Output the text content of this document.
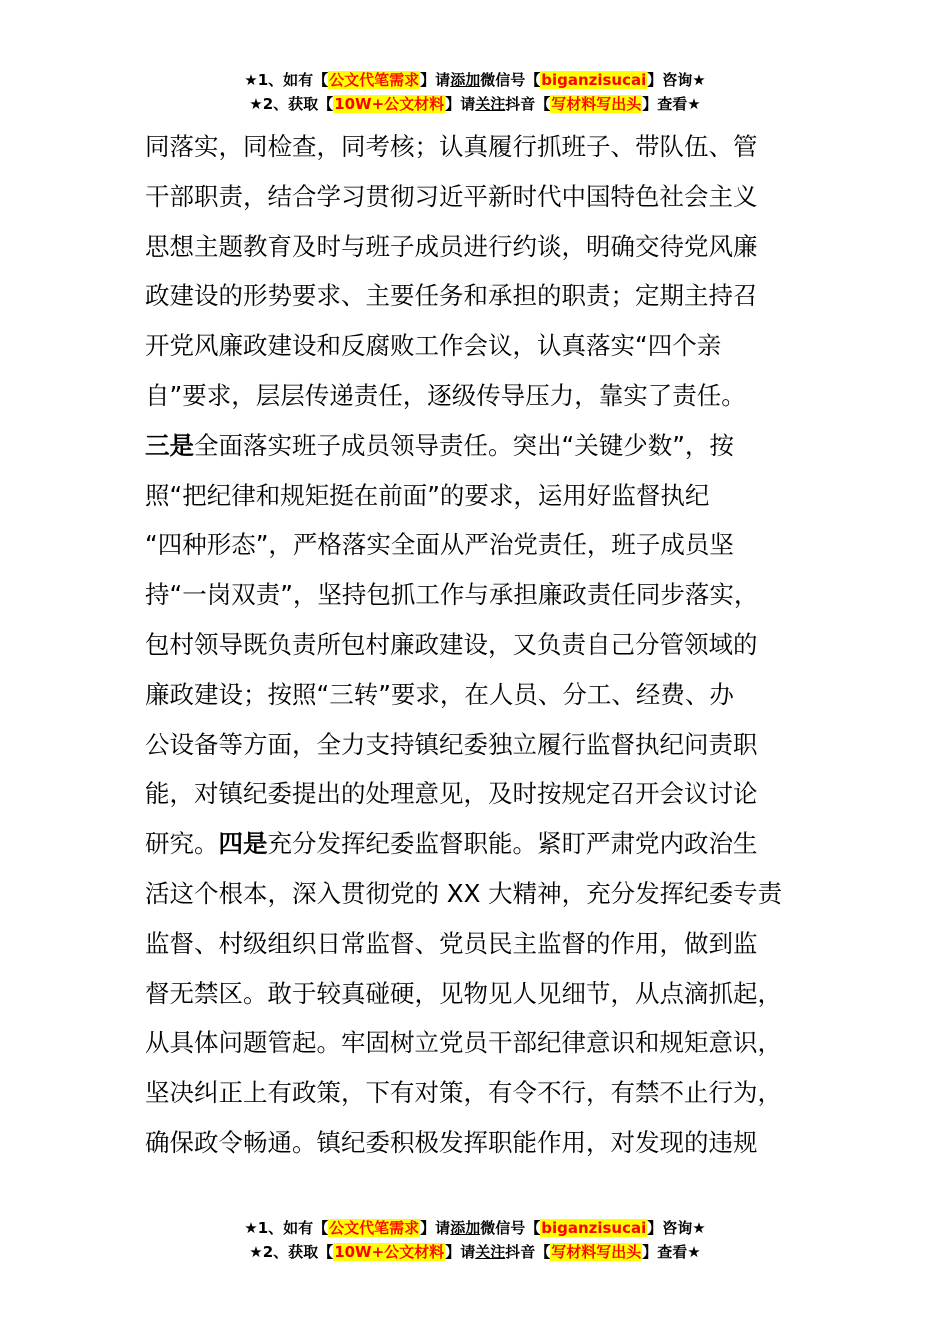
★1、如有【公文代笔需求】请添加微信号【biganzisucai】咨询★
★2、获取【10W+公文材料】请关注抖音【写材料写出头】查看★
同落实，同检查，同考核；认真履行抓班子、带队伍、管
干部职责，结合学习贯彻习近平新时代中国特色社会主义
思想主题教育及时与班子成员进行约谈，明确交待党风廉
政建设的形势要求、主要任务和承担的职责；定期主持召
开党风廉政建设和反腐败工作会议，认真落实“四个亲
自”要求，层层传递责任，逐级传导压力，靠实了责任。
三是全面落实班子成员领导责任。突出“关键少数”，按
照“把纪律和规矩挺在前面”的要求，运用好监督执纪
“四种形态”，严格落实全面从严治党责任，班子成员坚
持“一岗双责”，坚持包抓工作与承担廉政责任同步落实，
包村领导既负责所包村廉政建设，又负责自己分管领域的
廉政建设；按照“三转”要求，在人员、分工、经费、办
公设备等方面，全力支持镇纪委独立履行监督执纪问责职
能，对镇纪委提出的处理意见，及时按规定召开会议讨论
研究。四是充分发挥纪委监督职能。紧盯严肃党内政治生
活这个根本，深入贯彻党的 XX 大精神，充分发挥纪委专责
监督、村级组织日常监督、党员民主监督的作用，做到监
督无禁区。敢于较真碰硬，见物见人见细节，从点滴抓起，
从具体问题管起。牢固树立党员干部纪律意识和规矩意识，
坚决纠正上有政策，下有对策，有令不行，有禁不止行为，
确保政令畅通。镇纪委积极发挥职能作用，对发现的违规
★1、如有【公文代笔需求】请添加微信号【biganzisucai】咨询★
★2、获取【10W+公文材料】请关注抖音【写材料写出头】查看★
